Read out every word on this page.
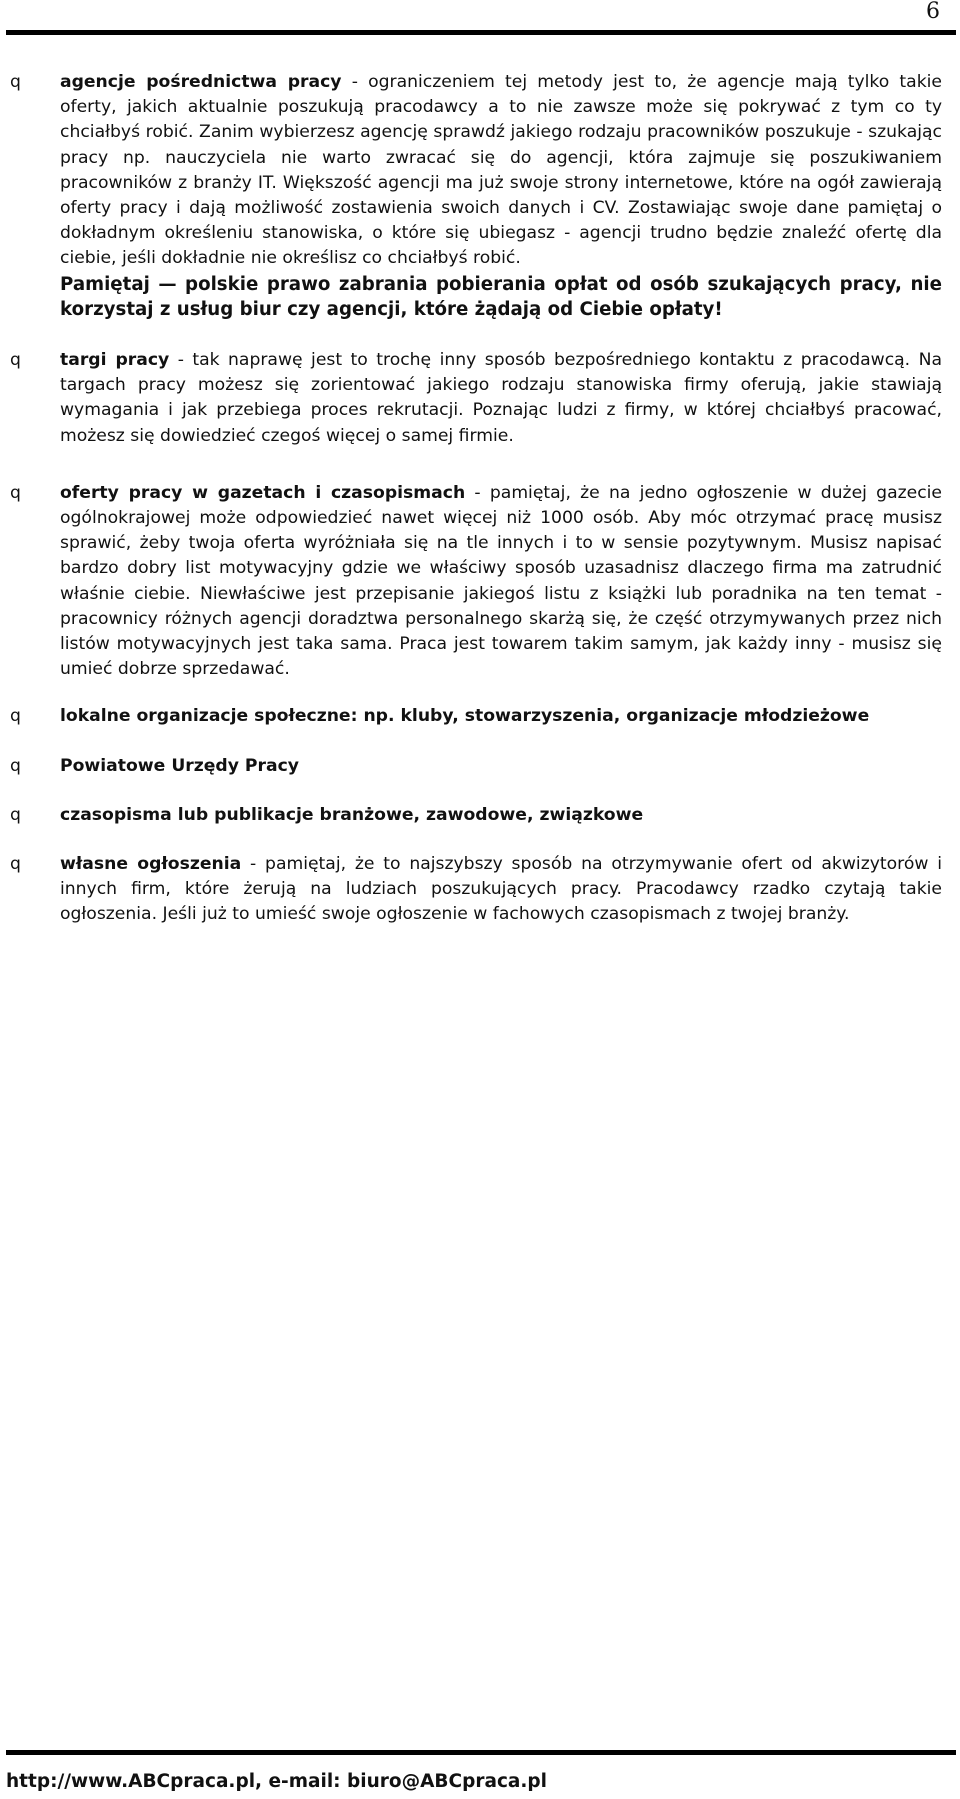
6
q agencje pośrednictwa pracy - ograniczeniem tej metody jest to, że agencje mają tylko takie oferty, jakich aktualnie poszukują pracodawcy a to nie zawsze może się pokrywać z tym co ty chciałbyś robić. Zanim wybierzesz agencję sprawdź jakiego rodzaju pracowników poszukuje - szukając pracy np. nauczyciela nie warto zwracać się do agencji, która zajmuje się poszukiwaniem pracowników z branży IT. Większość agencji ma już swoje strony internetowe, które na ogół zawierają oferty pracy i dają możliwość zostawienia swoich danych i CV. Zostawiając swoje dane pamiętaj o dokładnym określeniu stanowiska, o które się ubiegasz - agencji trudno będzie znaleźć ofertę dla ciebie, jeśli dokładnie nie określisz co chciałbyś robić.
Pamiętaj — polskie prawo zabrania pobierania opłat od osób szukających pracy, nie korzystaj z usług biur czy agencji, które żądają od Ciebie opłaty!
q targi pracy - tak naprawę jest to trochę inny sposób bezpośredniego kontaktu z pracodawcą. Na targach pracy możesz się zorientować jakiego rodzaju stanowiska firmy oferują, jakie stawiają wymagania i jak przebiega proces rekrutacji. Poznając ludzi z firmy, w której chciałbyś pracować, możesz się dowiedzieć czegoś więcej o samej firmie.
q oferty pracy w gazetach i czasopismach - pamiętaj, że na jedno ogłoszenie w dużej gazecie ogólnokrajowej może odpowiedzieć nawet więcej niż 1000 osób. Aby móc otrzymać pracę musisz sprawić, żeby twoja oferta wyróżniała się na tle innych i to w sensie pozytywnym. Musisz napisać bardzo dobry list motywacyjny gdzie we właściwy sposób uzasadnisz dlaczego firma ma zatrudnić właśnie ciebie. Niewłaściwe jest przepisanie jakiegoś listu z książki lub poradnika na ten temat - pracownicy różnych agencji doradztwa personalnego skarżą się, że część otrzymywanych przez nich listów motywacyjnych jest taka sama. Praca jest towarem takim samym, jak każdy inny - musisz się umieć dobrze sprzedawać.
q lokalne organizacje społeczne: np. kluby, stowarzyszenia, organizacje młodzieżowe
q Powiatowe Urzędy Pracy
q czasopisma lub publikacje branżowe, zawodowe, związkowe
q własne ogłoszenia - pamiętaj, że to najszybszy sposób na otrzymywanie ofert od akwizytorów i innych firm, które żerują na ludziach poszukujących pracy. Pracodawcy rzadko czytają takie ogłoszenia. Jeśli już to umieść swoje ogłoszenie w fachowych czasopismach z twojej branży.
http://www.ABCpraca.pl, e-mail: biuro@ABCpraca.pl
